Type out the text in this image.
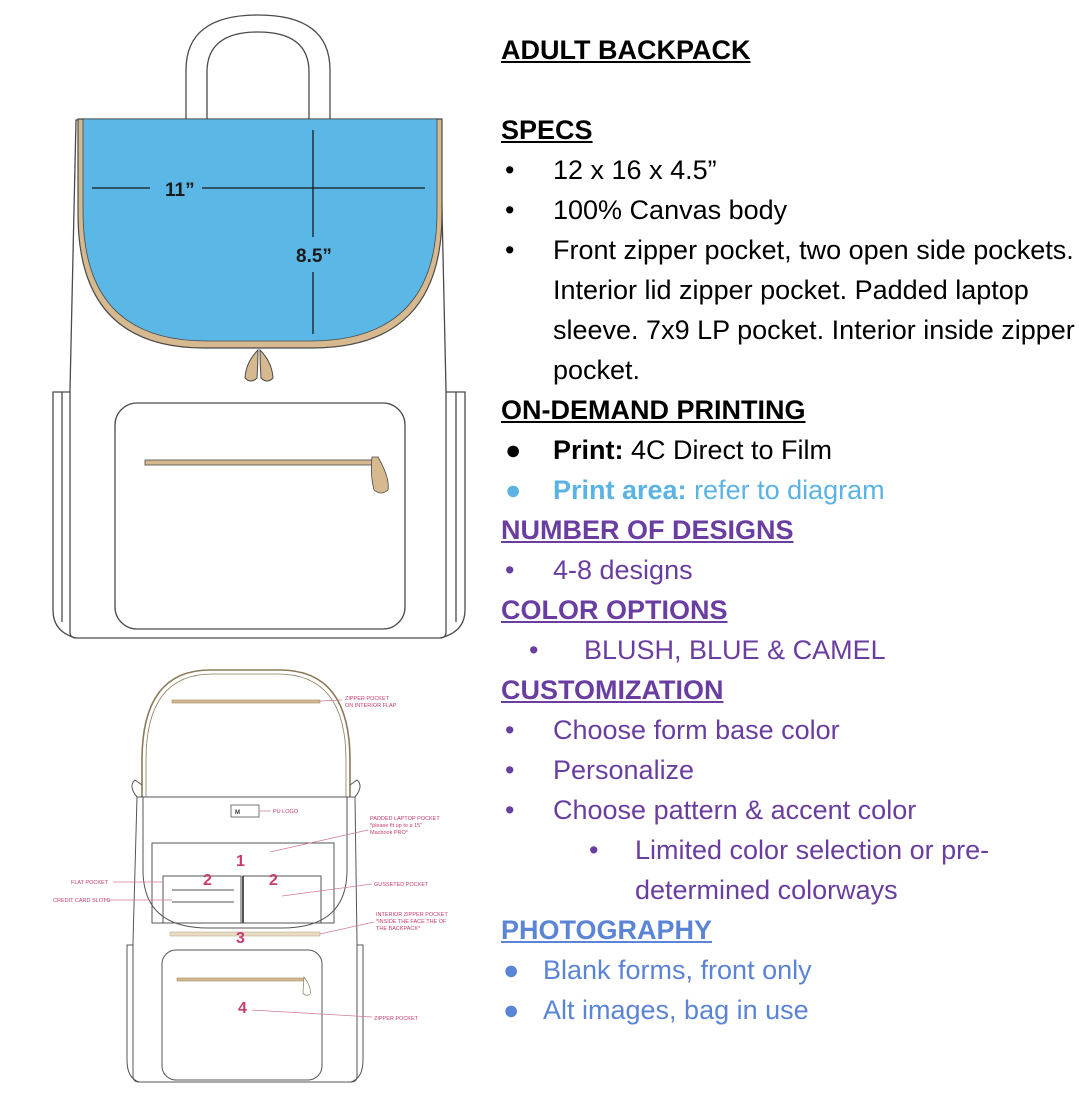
11”
8.5”
M
1
2	2
3
4
ZIPPER POCKET
ON INTERIOR FLAP
PU LOGO
PADDED LAPTOP POCKET
*please fit up to a 15"
Macbook PRO*
FLAT POCKET
CREDIT CARD SLOTS
GUSSETED POCKET
INTERIOR ZIPPER POCKET
*INSIDE THE FACE THE OF
THE BACKPACK*
ZIPPER POCKET
ADULT BACKPACK
SPECS
•	12 x 16 x 4.5”
•	100% Canvas body
•	Front zipper pocket, two open side pockets. Interior lid zipper pocket. Padded laptop sleeve. 7x9 LP pocket. Interior inside zipper pocket.
ON-DEMAND PRINTING
●	Print: 4C Direct to Film
●	Print area: refer to diagram
NUMBER OF DESIGNS
•	4-8 designs
COLOR OPTIONS
•	BLUSH, BLUE & CAMEL
CUSTOMIZATION
•	Choose form base color
•	Personalize
•	Choose pattern & accent color
•	Limited color selection or pre-determined colorways
PHOTOGRAPHY
● Blank forms, front only
● Alt images, bag in use
